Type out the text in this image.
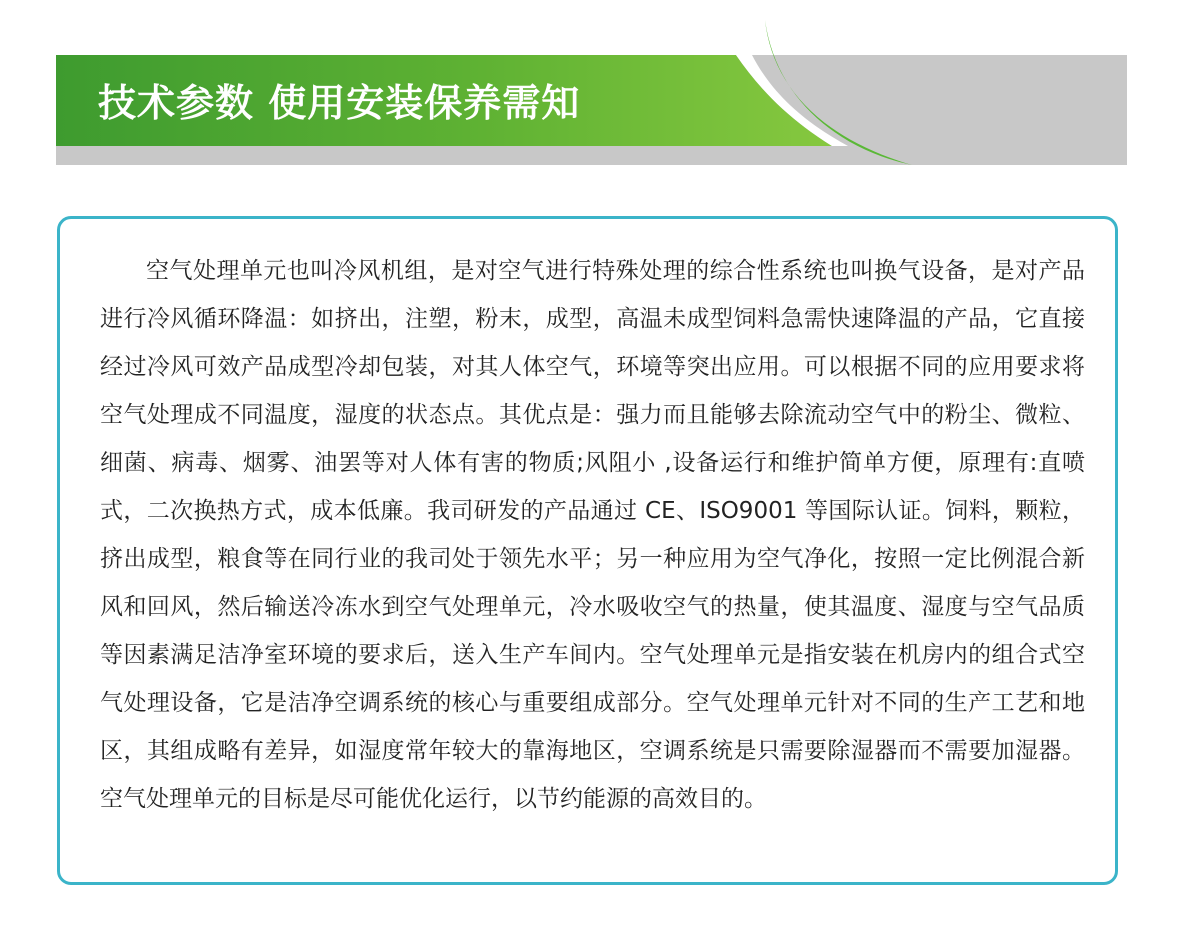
技术参数 使用安装保养需知

空气处理单元也叫冷风机组，是对空气进行特殊处理的综合性系统也叫换气设备，是对产品进行冷风循环降温：如挤出，注塑，粉末，成型，高温未成型饲料急需快速降温的产品，它直接经过冷风可效产品成型冷却包装，对其人体空气，环境等突出应用。可以根据不同的应用要求将空气处理成不同温度，湿度的状态点。其优点是：强力而且能够去除流动空气中的粉尘、微粒、细菌、病毒、烟雾、油罢等对人体有害的物质;风阻小 ,设备运行和维护简单方便，原理有:直喷式，二次换热方式，成本低廉。我司研发的产品通过 CE、ISO9001 等国际认证。饲料，颗粒，挤出成型，粮食等在同行业的我司处于领先水平；另一种应用为空气净化，按照一定比例混合新风和回风，然后输送冷冻水到空气处理单元，冷水吸收空气的热量，使其温度、湿度与空气品质等因素满足洁净室环境的要求后，送入生产车间内。空气处理单元是指安装在机房内的组合式空气处理设备，它是洁净空调系统的核心与重要组成部分。空气处理单元针对不同的生产工艺和地区，其组成略有差异，如湿度常年较大的靠海地区，空调系统是只需要除湿器而不需要加湿器。空气处理单元的目标是尽可能优化运行，以节约能源的高效目的。
